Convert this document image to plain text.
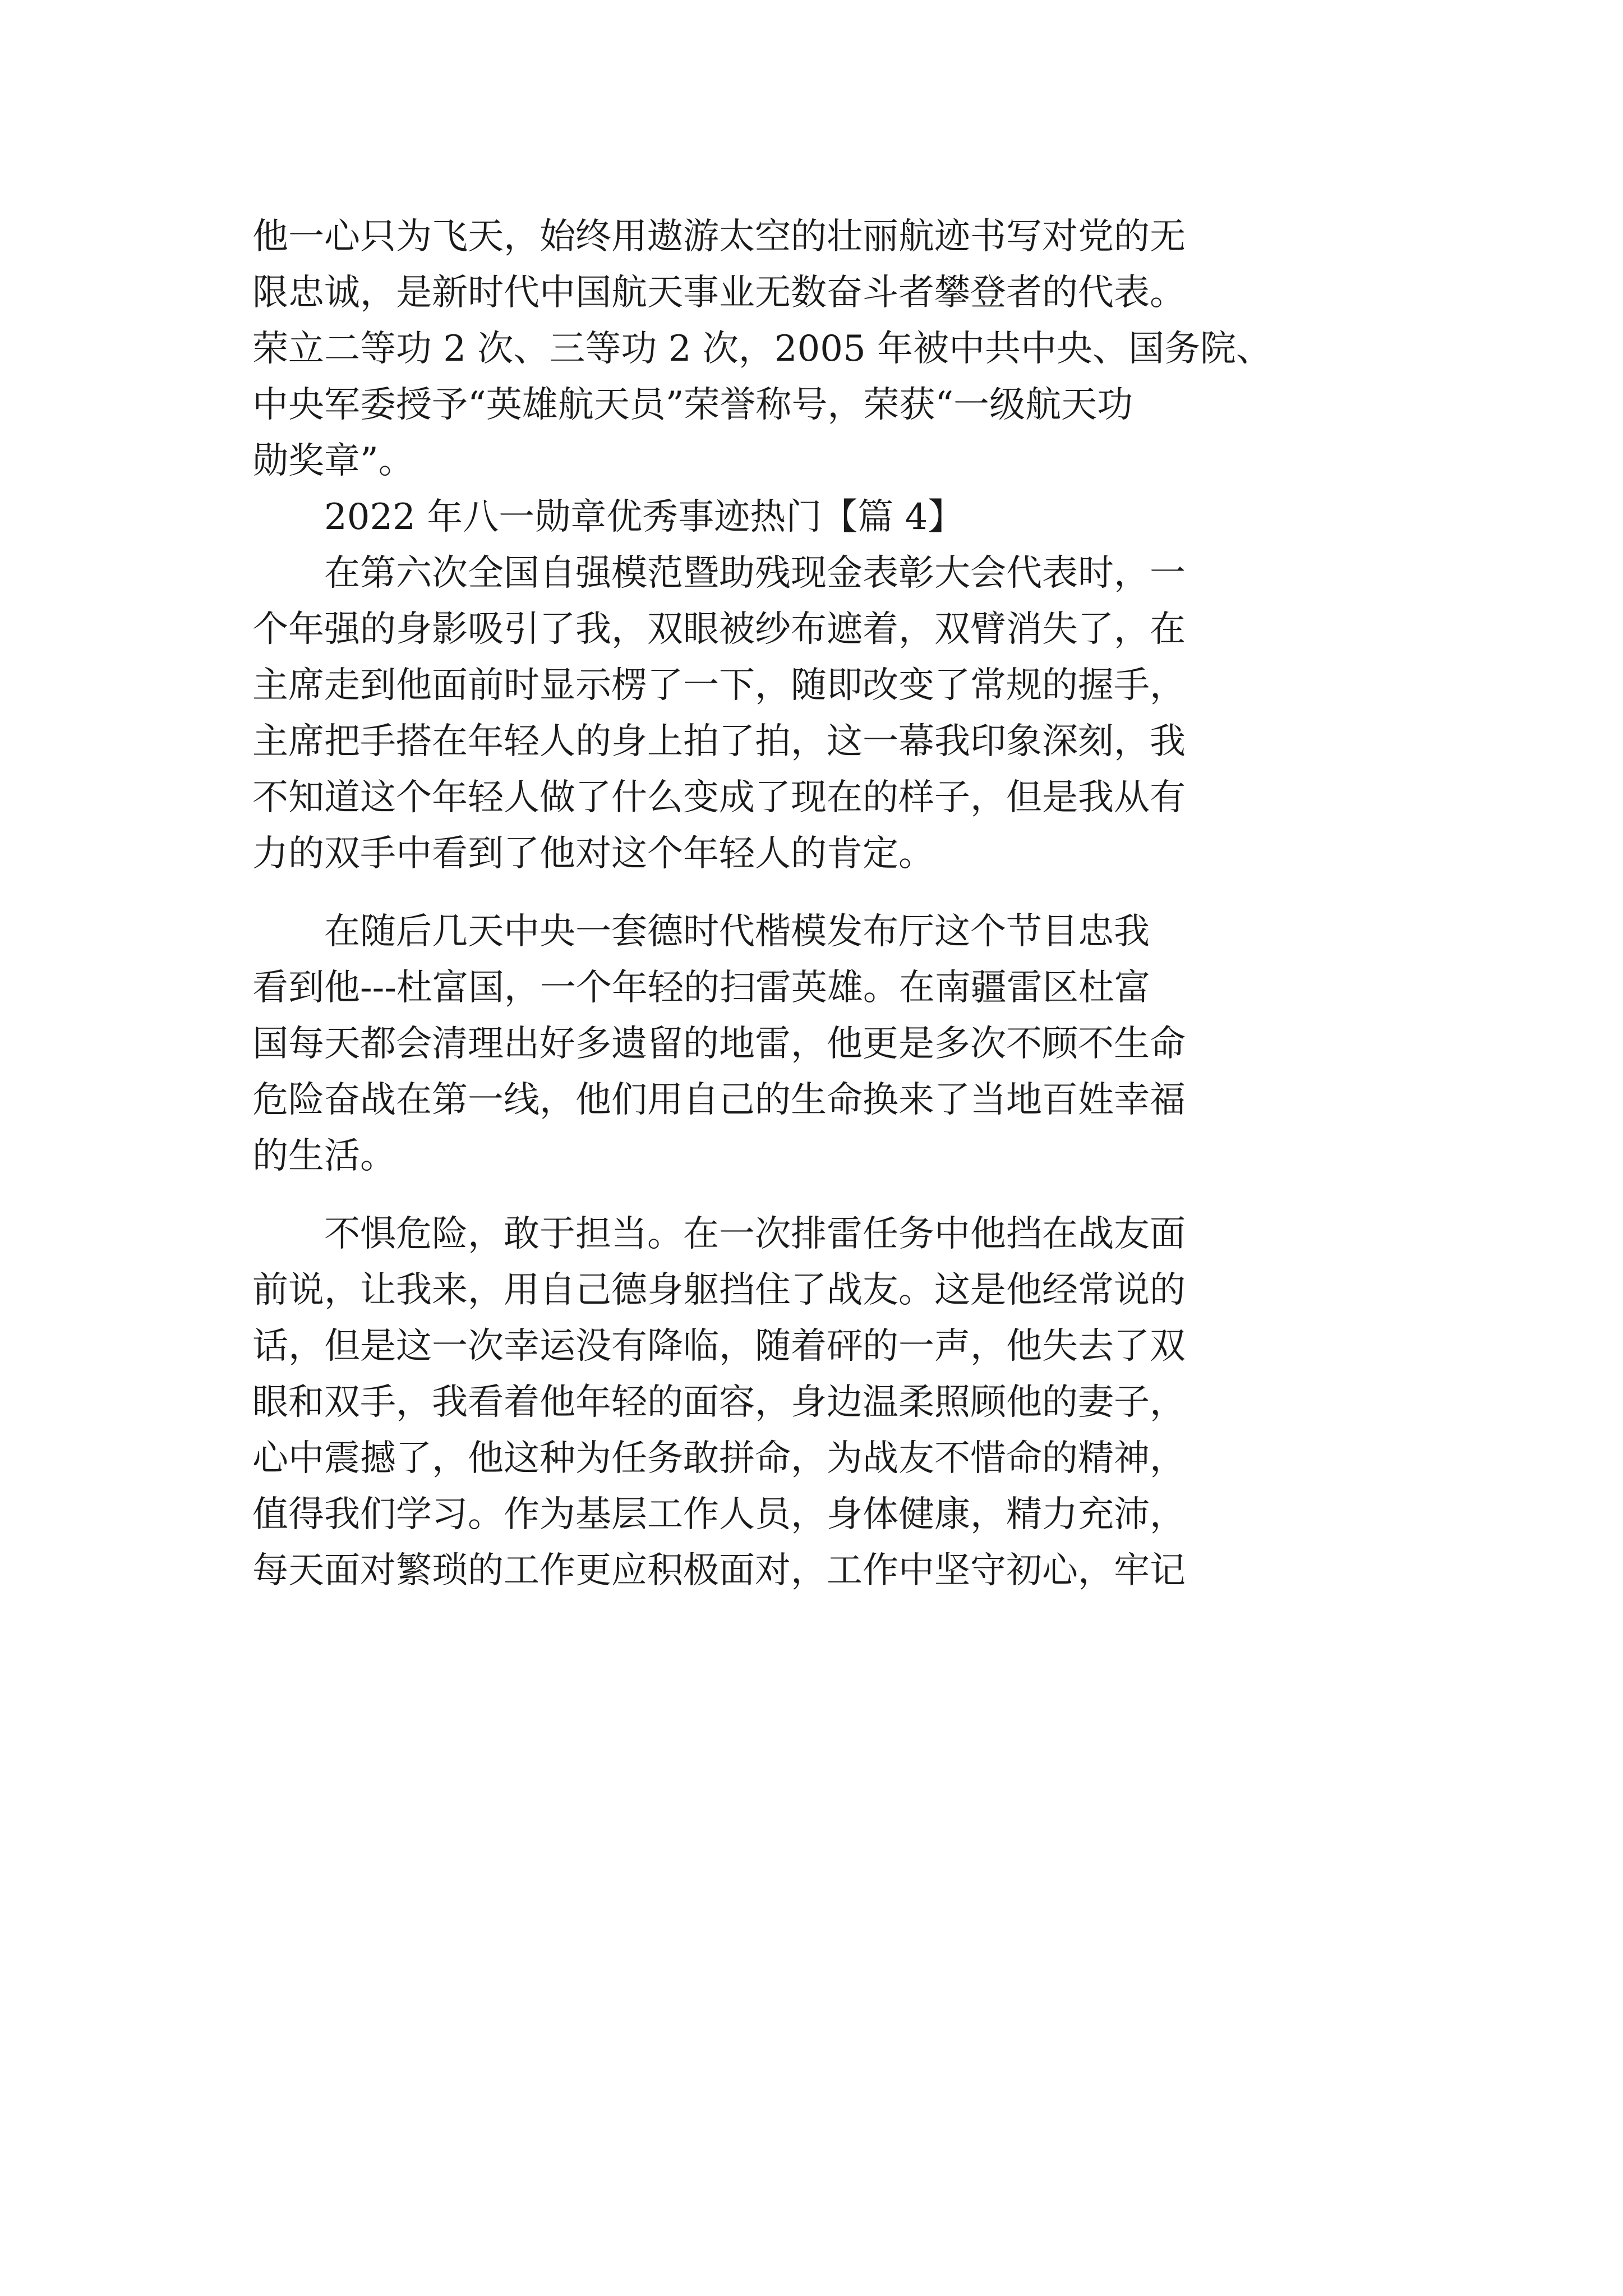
他一心只为飞天，始终用遨游太空的壮丽航迹书写对党的无

限忠诚，是新时代中国航天事业无数奋斗者攀登者的代表。

荣立二等功 2 次、三等功 2 次，2005 年被中共中央、国务院、

中央军委授予“英雄航天员”荣誉称号，荣获“一级航天功

勋奖章”。

2022 年八一勋章优秀事迹热门【篇 4】

在第六次全国自强模范暨助残现金表彰大会代表时，一

个年强的身影吸引了我，双眼被纱布遮着，双臂消失了，在

主席走到他面前时显示楞了一下，随即改变了常规的握手，

主席把手搭在年轻人的身上拍了拍，这一幕我印象深刻，我

不知道这个年轻人做了什么变成了现在的样子，但是我从有

力的双手中看到了他对这个年轻人的肯定。

在随后几天中央一套德时代楷模发布厅这个节目忠我

看到他---杜富国，一个年轻的扫雷英雄。在南疆雷区杜富

国每天都会清理出好多遗留的地雷，他更是多次不顾不生命

危险奋战在第一线，他们用自己的生命换来了当地百姓幸福

的生活。

不惧危险，敢于担当。在一次排雷任务中他挡在战友面

前说，让我来，用自己德身躯挡住了战友。这是他经常说的

话，但是这一次幸运没有降临，随着砰的一声，他失去了双

眼和双手，我看着他年轻的面容，身边温柔照顾他的妻子，

心中震撼了，他这种为任务敢拼命，为战友不惜命的精神，

值得我们学习。作为基层工作人员，身体健康，精力充沛，

每天面对繁琐的工作更应积极面对，工作中坚守初心，牢记
